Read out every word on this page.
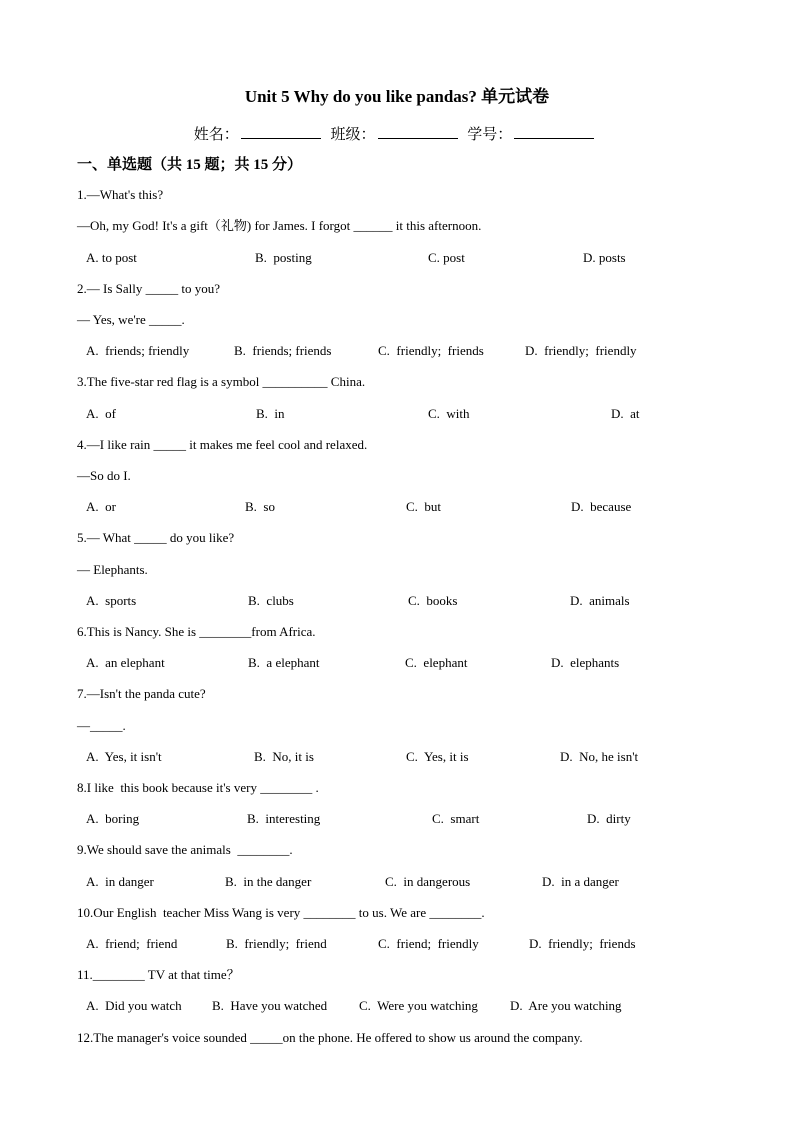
Unit 5 Why do you like pandas? 单元试卷
姓名：	班级：	学号：
一、单选题（共 15 题；共 15 分）
1.—What's this?
—Oh, my God! It's a gift（礼物) for James. I forgot ______ it this afternoon.
A. to post	B.  posting	C. post	D. posts
2.— Is Sally _____ to you?
— Yes, we're _____.
A.  friends; friendly	B.  friends; friends	C.  friendly;  friends	D.  friendly;  friendly
3.The five-star red flag is a symbol __________ China.
A.  of	B.  in	C.  with	D.  at
4.—I like rain _____ it makes me feel cool and relaxed.
—So do I.
A.  or	B.  so	C.  but	D.  because
5.— What _____ do you like?
— Elephants.
A.  sports	B.  clubs	C.  books	D.  animals
6.This is Nancy. She is ________from Africa.
A.  an elephant	B.  a elephant	C.  elephant	D.  elephants
7.—Isn't the panda cute?
—_____.
A.  Yes, it isn't	B.  No, it is	C.  Yes, it is	D.  No, he isn't
8.I like  this book because it's very ________ .
A.  boring	B.  interesting	C.  smart	D.  dirty
9.We should save the animals  ________.
A.  in danger	B.  in the danger	C.  in dangerous	D.  in a danger
10.Our English  teacher Miss Wang is very ________ to us. We are ________.
A.  friend;  friend	B.  friendly;  friend	C.  friend;  friendly	D.  friendly;  friends
11.________ TV at that time？
A.  Did you watch B.  Have you watched C.  Were you watching D.  Are you watching
12.The manager's voice sounded _____on the phone. He offered to show us around the company.
